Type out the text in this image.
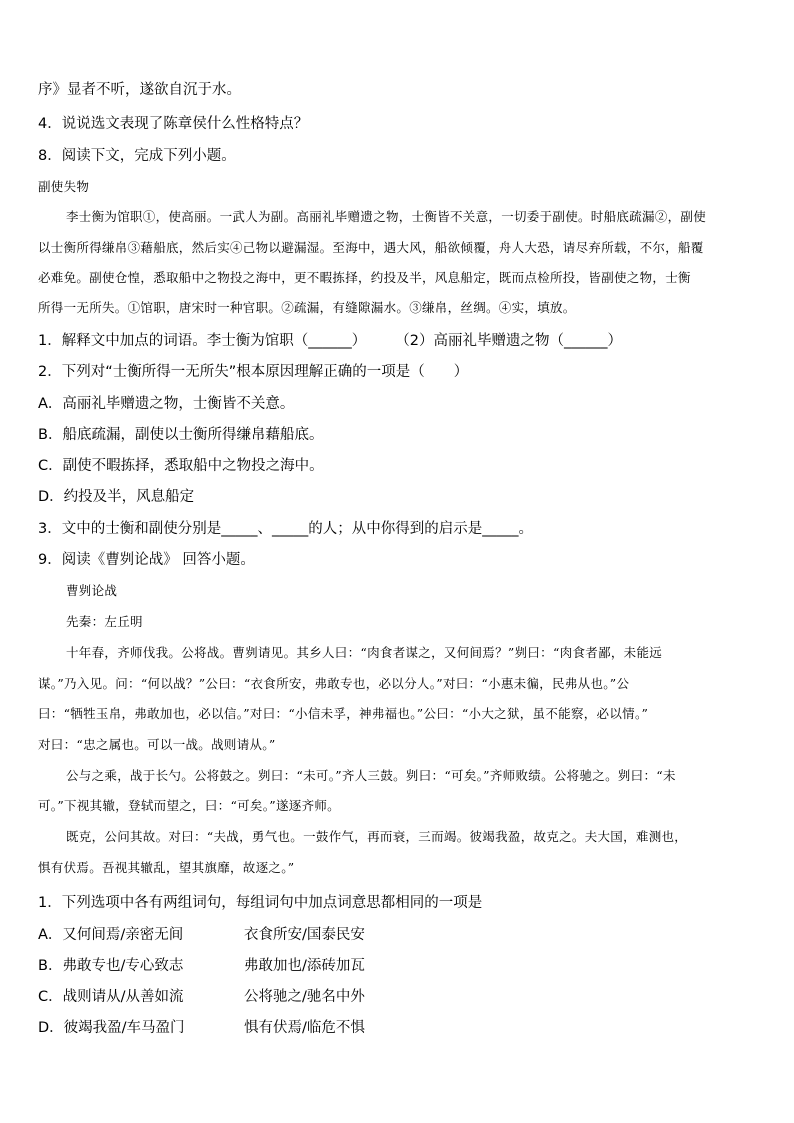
序》显者不听，遂欲自沉于水。
4．说说选文表现了陈章侯什么性格特点？
8．阅读下文，完成下列小题。
副使失物
李士衡为馆职①，使高丽。一武人为副。高丽礼毕赠遗之物，士衡皆不关意，一切委于副使。时船底疏漏②，副使
以士衡所得缣帛③藉船底，然后实④己物以避漏湿。至海中，遇大风，船欲倾覆，舟人大恐，请尽弃所载，不尔，船覆
必难免。副使仓惶，悉取船中之物投之海中，更不暇拣择，约投及半，风息船定，既而点检所投，皆副使之物，士衡
所得一无所失。①馆职，唐宋时一种官职。②疏漏，有缝隙漏水。③缣帛，丝绸。④实，填放。
1．解释文中加点的词语。李士衡为馆职（______）　　　（2）高丽礼毕赠遗之物（______）
2．下列对“士衡所得一无所失”根本原因理解正确的一项是（　　）
A．高丽礼毕赠遗之物，士衡皆不关意。
B．船底疏漏，副使以士衡所得缣帛藉船底。
C．副使不暇拣择，悉取船中之物投之海中。
D．约投及半，风息船定
3．文中的士衡和副使分别是_____、_____的人；从中你得到的启示是_____。
9．阅读《曹刿论战》 回答小题。
曹刿论战
先秦：左丘明
十年春，齐师伐我。公将战。曹刿请见。其乡人曰：“肉食者谋之，又何间焉？”刿曰：“肉食者鄙，未能远
谋。”乃入见。问：“何以战？”公曰：“衣食所安，弗敢专也，必以分人。”对曰：“小惠未徧，民弗从也。”公
曰：“牺牲玉帛，弗敢加也，必以信。”对曰：“小信未孚，神弗福也。”公曰：“小大之狱，虽不能察，必以情。”
对曰：“忠之属也。可以一战。战则请从。”
公与之乘，战于长勺。公将鼓之。刿曰：“未可。”齐人三鼓。刿曰：“可矣。”齐师败绩。公将驰之。刿曰：“未
可。”下视其辙，登轼而望之，曰：“可矣。”遂逐齐师。
既克，公问其故。对曰：“夫战，勇气也。一鼓作气，再而衰，三而竭。彼竭我盈，故克之。夫大国，难测也，
惧有伏焉。吾视其辙乱，望其旗靡，故逐之。”
1．下列选项中各有两组词句，每组词句中加点词意思都相同的一项是
A．又何间焉/亲密无间	衣食所安/国泰民安
B．弗敢专也/专心致志	弗敢加也/添砖加瓦
C．战则请从/从善如流	公将驰之/驰名中外
D．彼竭我盈/车马盈门	惧有伏焉/临危不惧
